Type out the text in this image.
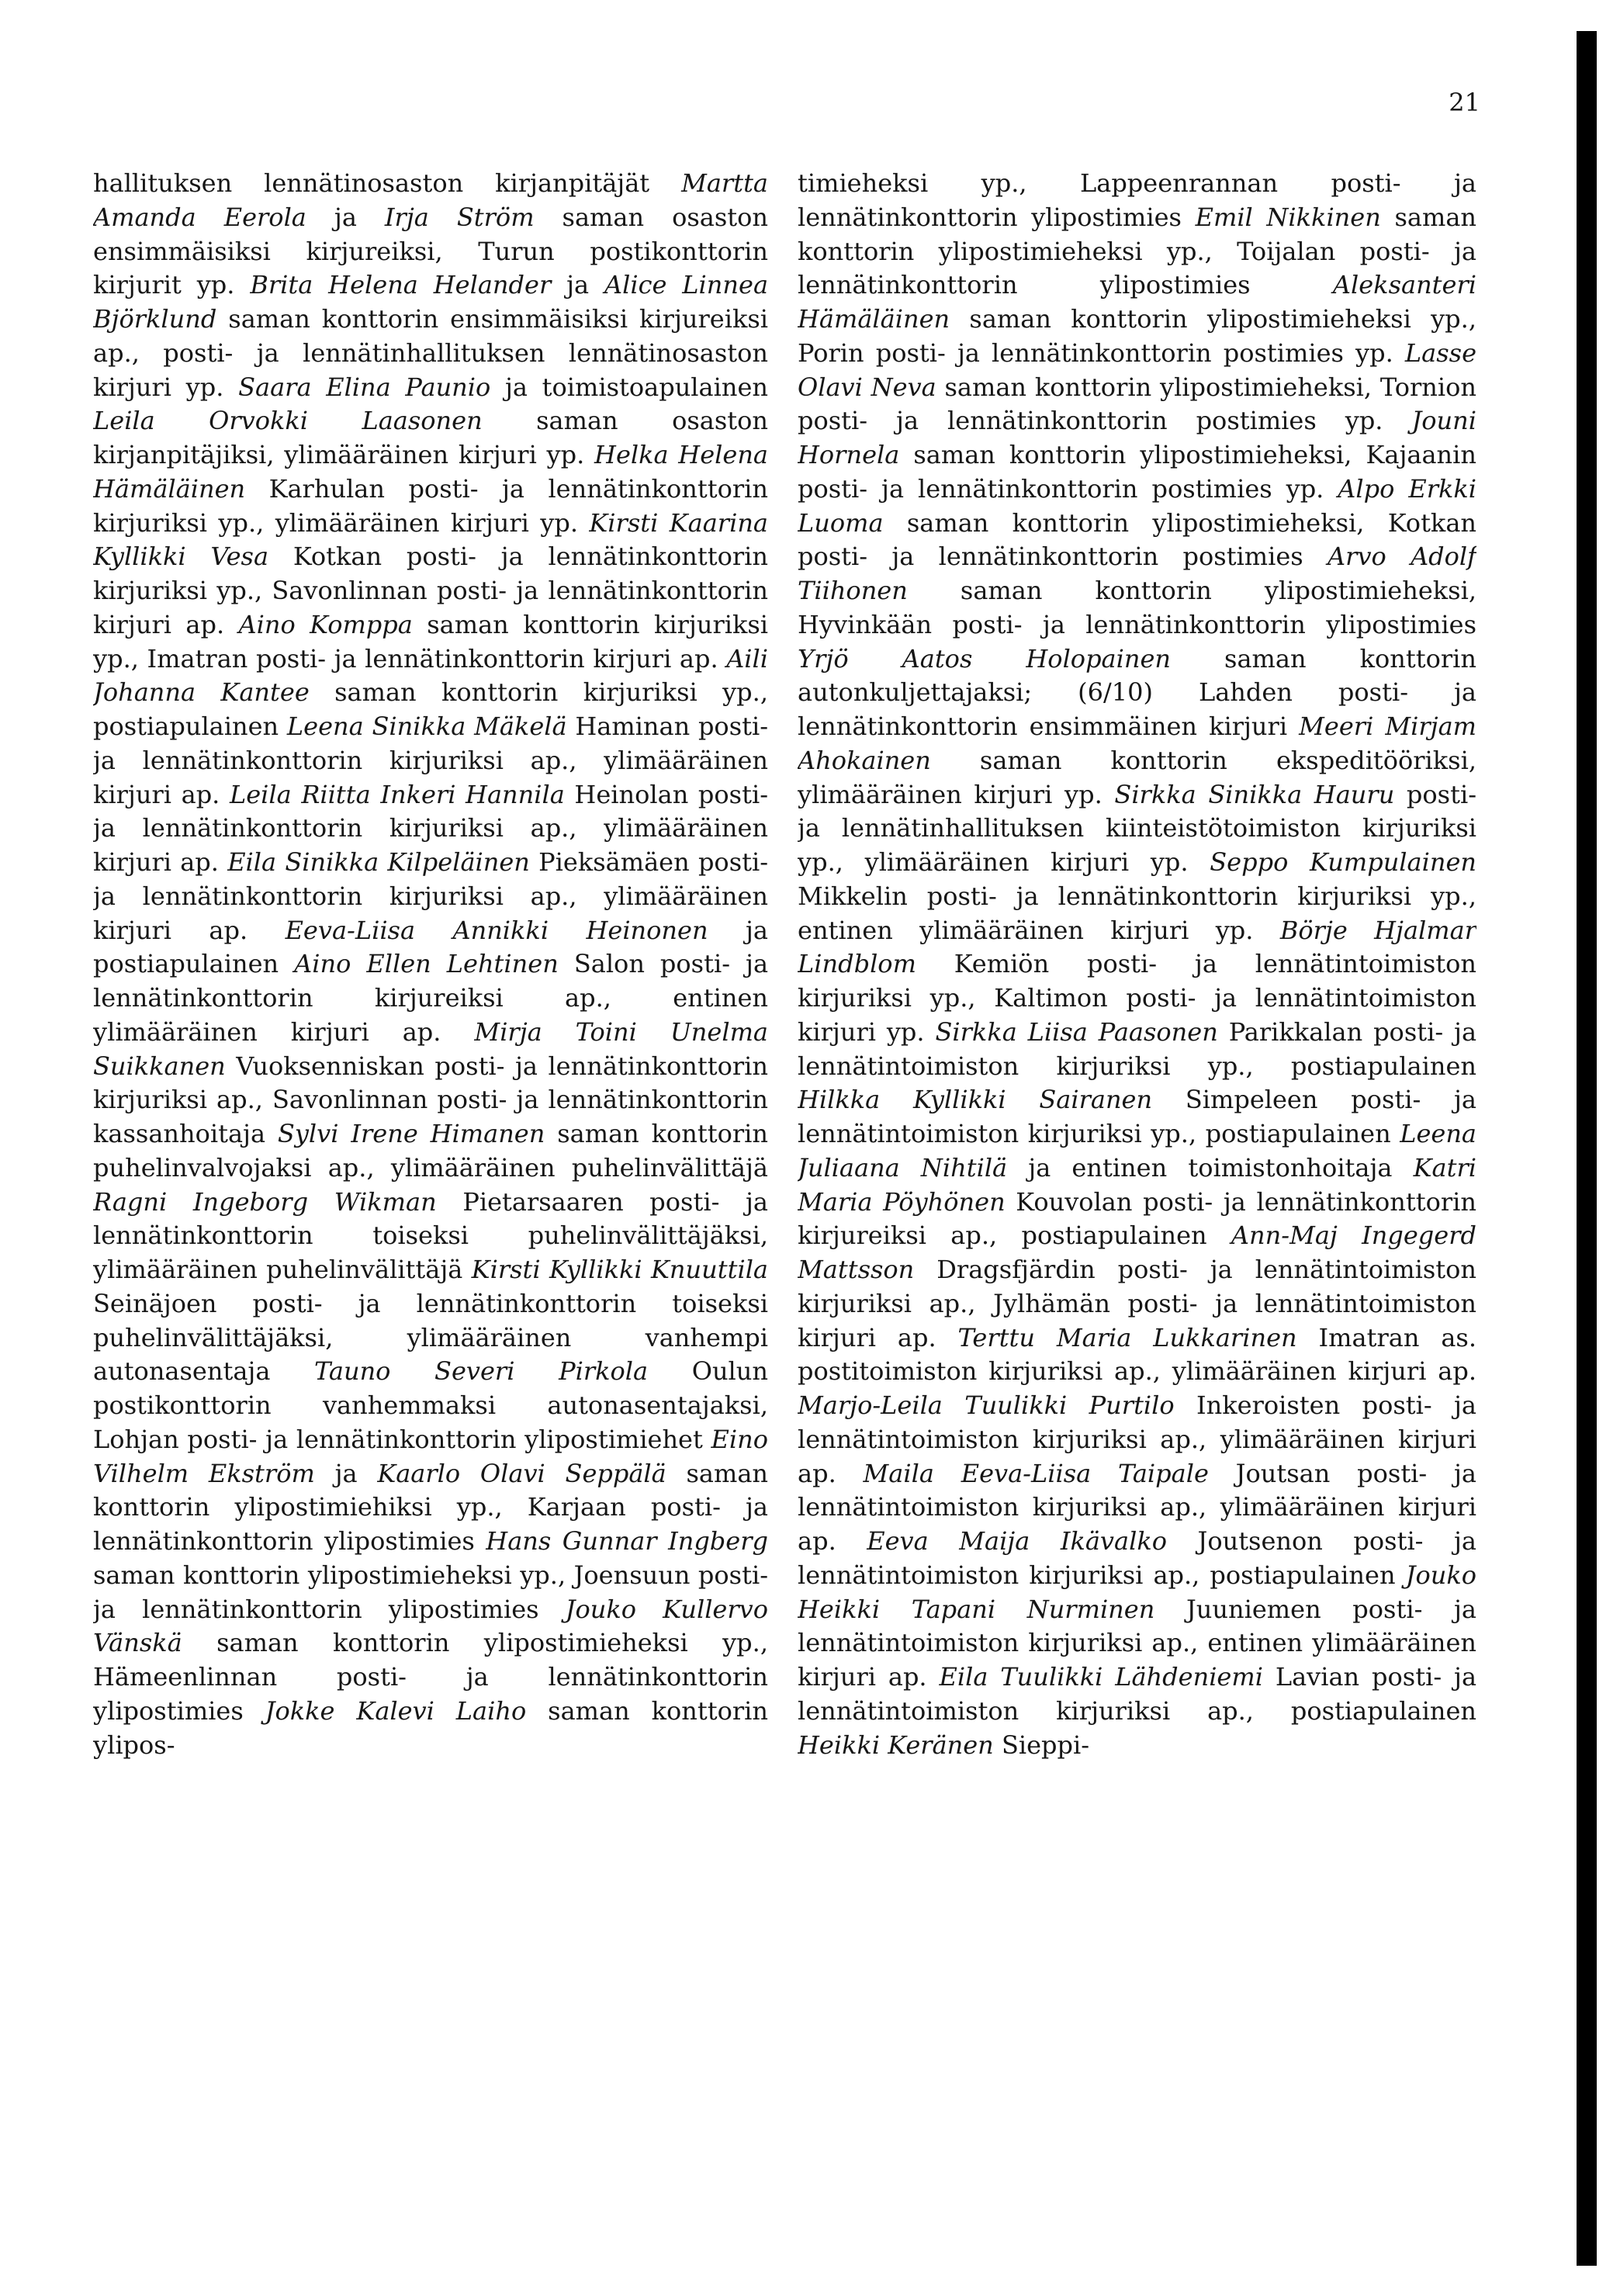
21

hallituksen lennätinosaston kirjanpitäjät Martta Amanda Eerola ja Irja Ström saman osaston ensimmäisiksi kirjureiksi, Turun postikonttorin kirjurit yp. Brita Helena Helander ja Alice Linnea Björklund saman konttorin ensimmäisiksi kirjureiksi ap., posti- ja lennätinhallituksen lennätinosaston kirjuri yp. Saara Elina Paunio ja toimistoapulainen Leila Orvokki Laasonen saman osaston kirjanpitäjiksi, ylimääräinen kirjuri yp. Helka Helena Hämäläinen Karhulan posti- ja lennätinkonttorin kirjuriksi yp., ylimääräinen kirjuri yp. Kirsti Kaarina Kyllikki Vesa Kotkan posti- ja lennätinkonttorin kirjuriksi yp., Savonlinnan posti- ja lennätinkonttorin kirjuri ap. Aino Komppa saman konttorin kirjuriksi yp., Imatran posti- ja lennätinkonttorin kirjuri ap. Aili Johanna Kantee saman konttorin kirjuriksi yp., postiapulainen Leena Sinikka Mäkelä Haminan posti- ja lennätinkonttorin kirjuriksi ap., ylimääräinen kirjuri ap. Leila Riitta Inkeri Hannila Heinolan posti- ja lennätinkonttorin kirjuriksi ap., ylimääräinen kirjuri ap. Eila Sinikka Kilpeläinen Pieksämäen posti- ja lennätinkonttorin kirjuriksi ap., ylimääräinen kirjuri ap. Eeva-Liisa Annikki Heinonen ja postiapulainen Aino Ellen Lehtinen Salon posti- ja lennätinkonttorin kirjureiksi ap., entinen ylimääräinen kirjuri ap. Mirja Toini Unelma Suikkanen Vuoksenniskan posti- ja lennätinkonttorin kirjuriksi ap., Savonlinnan posti- ja lennätinkonttorin kassanhoitaja Sylvi Irene Himanen saman konttorin puhelinvalvojaksi ap., ylimääräinen puhelinvälittäjä Ragni Ingeborg Wikman Pietarsaaren posti- ja lennätinkonttorin toiseksi puhelinvälittäjäksi, ylimääräinen puhelinvälittäjä Kirsti Kyllikki Knuuttila Seinäjoen posti- ja lennätinkonttorin toiseksi puhelinvälittäjäksi, ylimääräinen vanhempi autonasentaja Tauno Severi Pirkola Oulun postikonttorin vanhemmaksi autonasentajaksi, Lohjan posti- ja lennätinkonttorin ylipostimiehet Eino Vilhelm Ekström ja Kaarlo Olavi Seppälä saman konttorin ylipostimiehiksi yp., Karjaan posti- ja lennätinkonttorin ylipostimies Hans Gunnar Ingberg saman konttorin ylipostimieheksi yp., Joensuun posti- ja lennätinkonttorin ylipostimies Jouko Kullervo Vänskä saman konttorin ylipostimieheksi yp., Hämeenlinnan posti- ja lennätinkonttorin ylipostimies Jokke Kalevi Laiho saman konttorin ylipos-

timieheksi yp., Lappeenrannan posti- ja lennätinkonttorin ylipostimies Emil Nikkinen saman konttorin ylipostimieheksi yp., Toijalan posti- ja lennätinkonttorin ylipostimies Aleksanteri Hämäläinen saman konttorin ylipostimieheksi yp., Porin posti- ja lennätinkonttorin postimies yp. Lasse Olavi Neva saman konttorin ylipostimieheksi, Tornion posti- ja lennätinkonttorin postimies yp. Jouni Hornela saman konttorin ylipostimieheksi, Kajaanin posti- ja lennätinkonttorin postimies yp. Alpo Erkki Luoma saman konttorin ylipostimieheksi, Kotkan posti- ja lennätinkonttorin postimies Arvo Adolf Tiihonen saman konttorin ylipostimieheksi, Hyvinkään posti- ja lennätinkonttorin ylipostimies Yrjö Aatos Holopainen saman konttorin autonkuljettajaksi; (6/10) Lahden posti- ja lennätinkonttorin ensimmäinen kirjuri Meeri Mirjam Ahokainen saman konttorin ekspeditööriksi, ylimääräinen kirjuri yp. Sirkka Sinikka Hauru posti- ja lennätinhallituksen kiinteistötoimiston kirjuriksi yp., ylimääräinen kirjuri yp. Seppo Kumpulainen Mikkelin posti- ja lennätinkonttorin kirjuriksi yp., entinen ylimääräinen kirjuri yp. Börje Hjalmar Lindblom Kemiön posti- ja lennätintoimiston kirjuriksi yp., Kaltimon posti- ja lennätintoimiston kirjuri yp. Sirkka Liisa Paasonen Parikkalan posti- ja lennätintoimiston kirjuriksi yp., postiapulainen Hilkka Kyllikki Sairanen Simpeleen posti- ja lennätintoimiston kirjuriksi yp., postiapulainen Leena Juliaana Nihtilä ja entinen toimistonhoitaja Katri Maria Pöyhönen Kouvolan posti- ja lennätinkonttorin kirjureiksi ap., postiapulainen Ann-Maj Ingegerd Mattsson Dragsfjärdin posti- ja lennätintoimiston kirjuriksi ap., Jylhämän posti- ja lennätintoimiston kirjuri ap. Terttu Maria Lukkarinen Imatran as. postitoimiston kirjuriksi ap., ylimääräinen kirjuri ap. Marjo-Leila Tuulikki Purtilo Inkeroisten posti- ja lennätintoimiston kirjuriksi ap., ylimääräinen kirjuri ap. Maila Eeva-Liisa Taipale Joutsan posti- ja lennätintoimiston kirjuriksi ap., ylimääräinen kirjuri ap. Eeva Maija Ikävalko Joutsenon posti- ja lennätintoimiston kirjuriksi ap., postiapulainen Jouko Heikki Tapani Nurminen Juuniemen posti- ja lennätintoimiston kirjuriksi ap., entinen ylimääräinen kirjuri ap. Eila Tuulikki Lähdeniemi Lavian posti- ja lennätintoimiston kirjuriksi ap., postiapulainen Heikki Keränen Sieppi-
